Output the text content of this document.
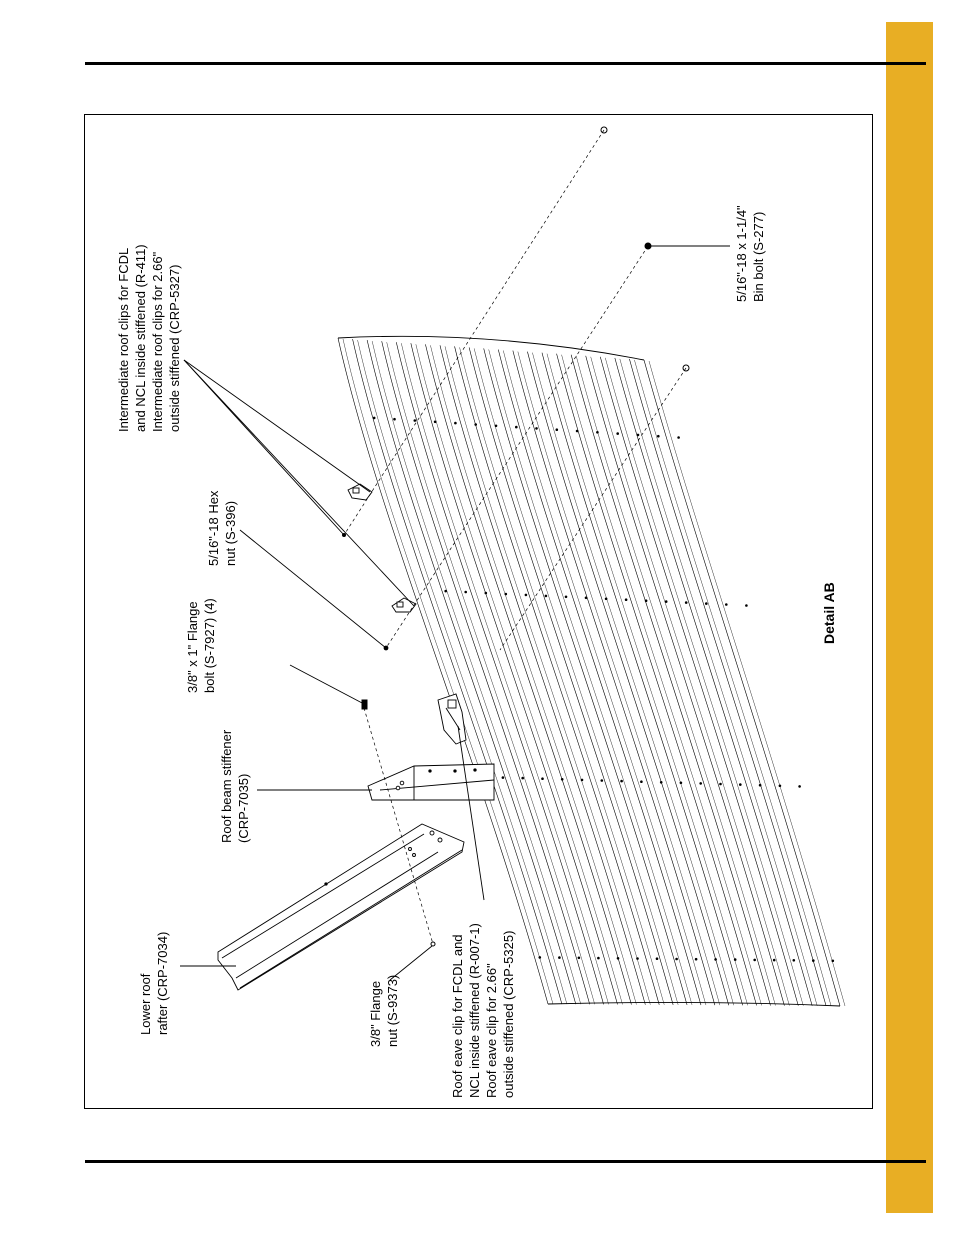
Lower roof rafter (CRP-7034)	3/8" Flange nut (S-9373)	Roof eave clip for FCDL and NCL inside stiffened (R-007-1) Roof eave clip for 2.66" outside stiffened (CRP-5325)
Roof beam stiffener (CRP-7035)
3/8" x 1" Flange bolt (S-7927) (4)
5/16"-18 Hex nut (S-396)
Intermediate roof clips for FCDL and NCL inside stiffened (R-411) Intermediate roof clips for 2.66" outside stiffened (CRP-5327)
5/16"-18 x 1-1/4" Bin bolt (S-277)
Detail AB
